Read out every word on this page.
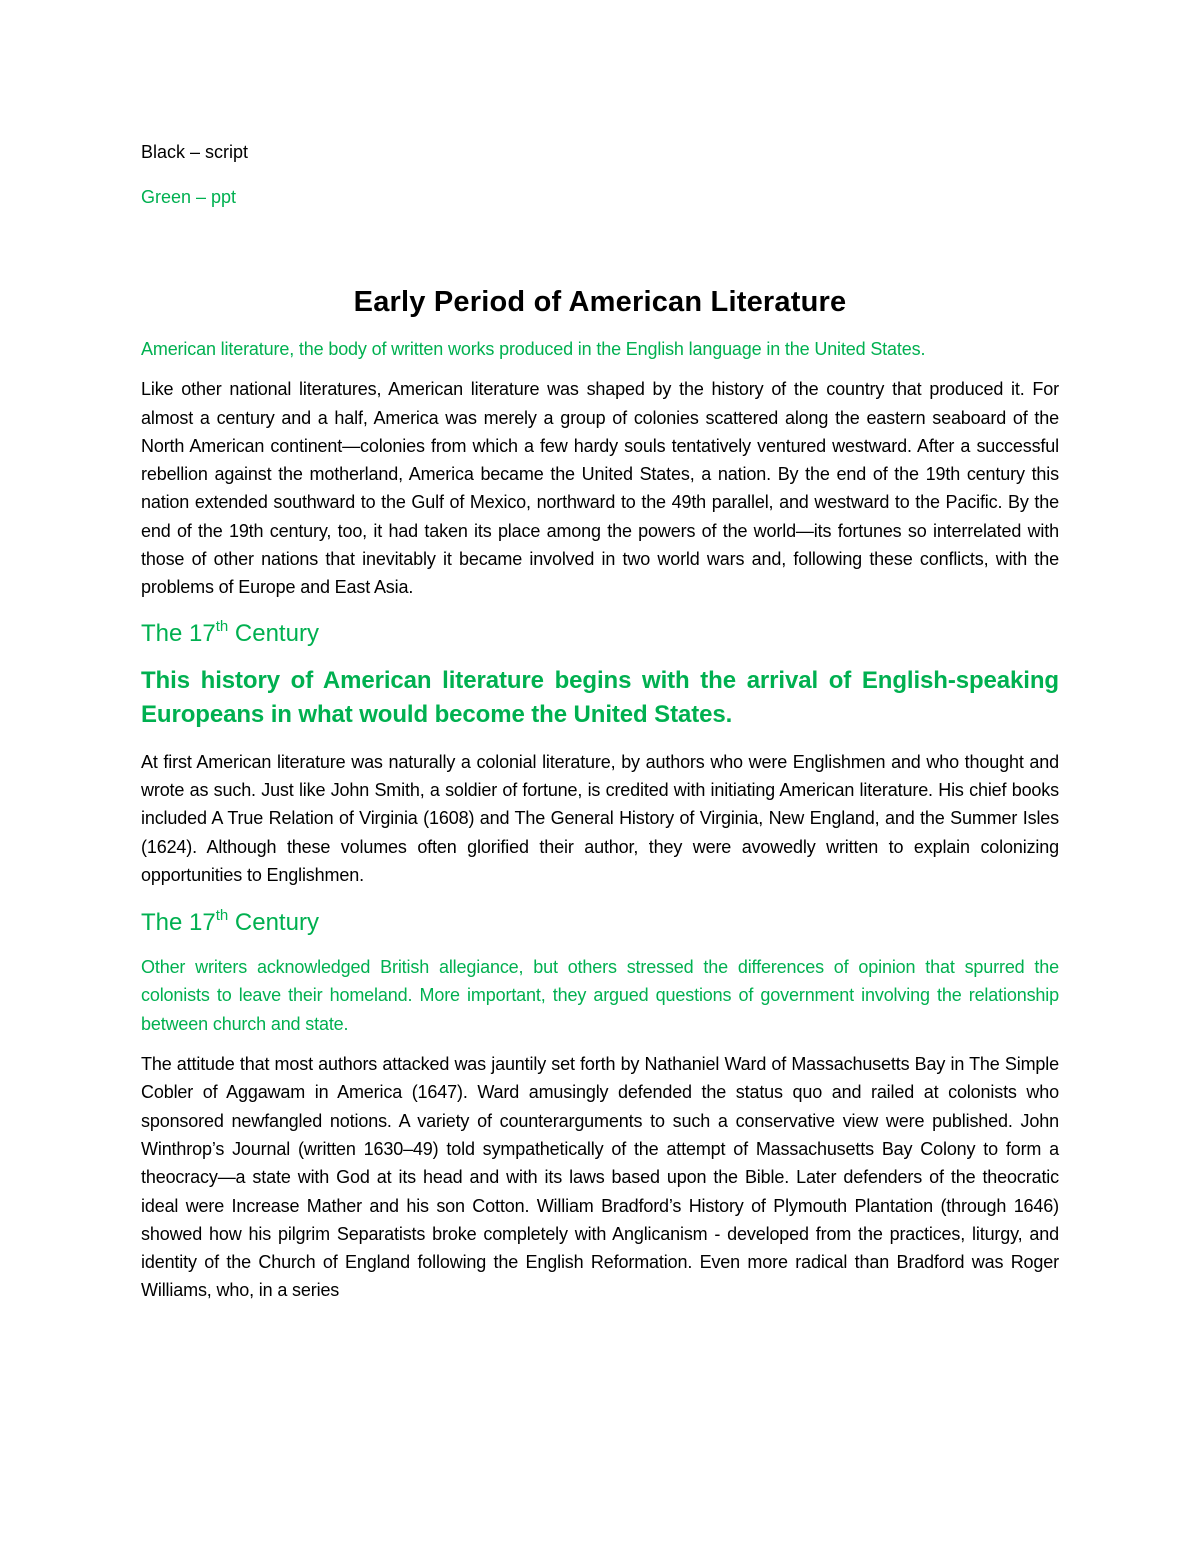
Black – script

Green – ppt

Early Period of American Literature

American literature, the body of written works produced in the English language in the United States.

Like other national literatures, American literature was shaped by the history of the country that produced it. For almost a century and a half, America was merely a group of colonies scattered along the eastern seaboard of the North American continent—colonies from which a few hardy souls tentatively ventured westward. After a successful rebellion against the motherland, America became the United States, a nation. By the end of the 19th century this nation extended southward to the Gulf of Mexico, northward to the 49th parallel, and westward to the Pacific. By the end of the 19th century, too, it had taken its place among the powers of the world—its fortunes so interrelated with those of other nations that inevitably it became involved in two world wars and, following these conflicts, with the problems of Europe and East Asia.

The 17th Century

This history of American literature begins with the arrival of English-speaking Europeans in what would become the United States.

At first American literature was naturally a colonial literature, by authors who were Englishmen and who thought and wrote as such. Just like John Smith, a soldier of fortune, is credited with initiating American literature. His chief books included A True Relation of Virginia (1608) and The General History of Virginia, New England, and the Summer Isles (1624). Although these volumes often glorified their author, they were avowedly written to explain colonizing opportunities to Englishmen.

The 17th Century

Other writers acknowledged British allegiance, but others stressed the differences of opinion that spurred the colonists to leave their homeland. More important, they argued questions of government involving the relationship between church and state.

The attitude that most authors attacked was jauntily set forth by Nathaniel Ward of Massachusetts Bay in The Simple Cobler of Aggawam in America (1647). Ward amusingly defended the status quo and railed at colonists who sponsored newfangled notions. A variety of counterarguments to such a conservative view were published. John Winthrop’s Journal (written 1630–49) told sympathetically of the attempt of Massachusetts Bay Colony to form a theocracy—a state with God at its head and with its laws based upon the Bible. Later defenders of the theocratic ideal were Increase Mather and his son Cotton. William Bradford’s History of Plymouth Plantation (through 1646) showed how his pilgrim Separatists broke completely with Anglicanism - developed from the practices, liturgy, and identity of the Church of England following the English Reformation. Even more radical than Bradford was Roger Williams, who, in a series
